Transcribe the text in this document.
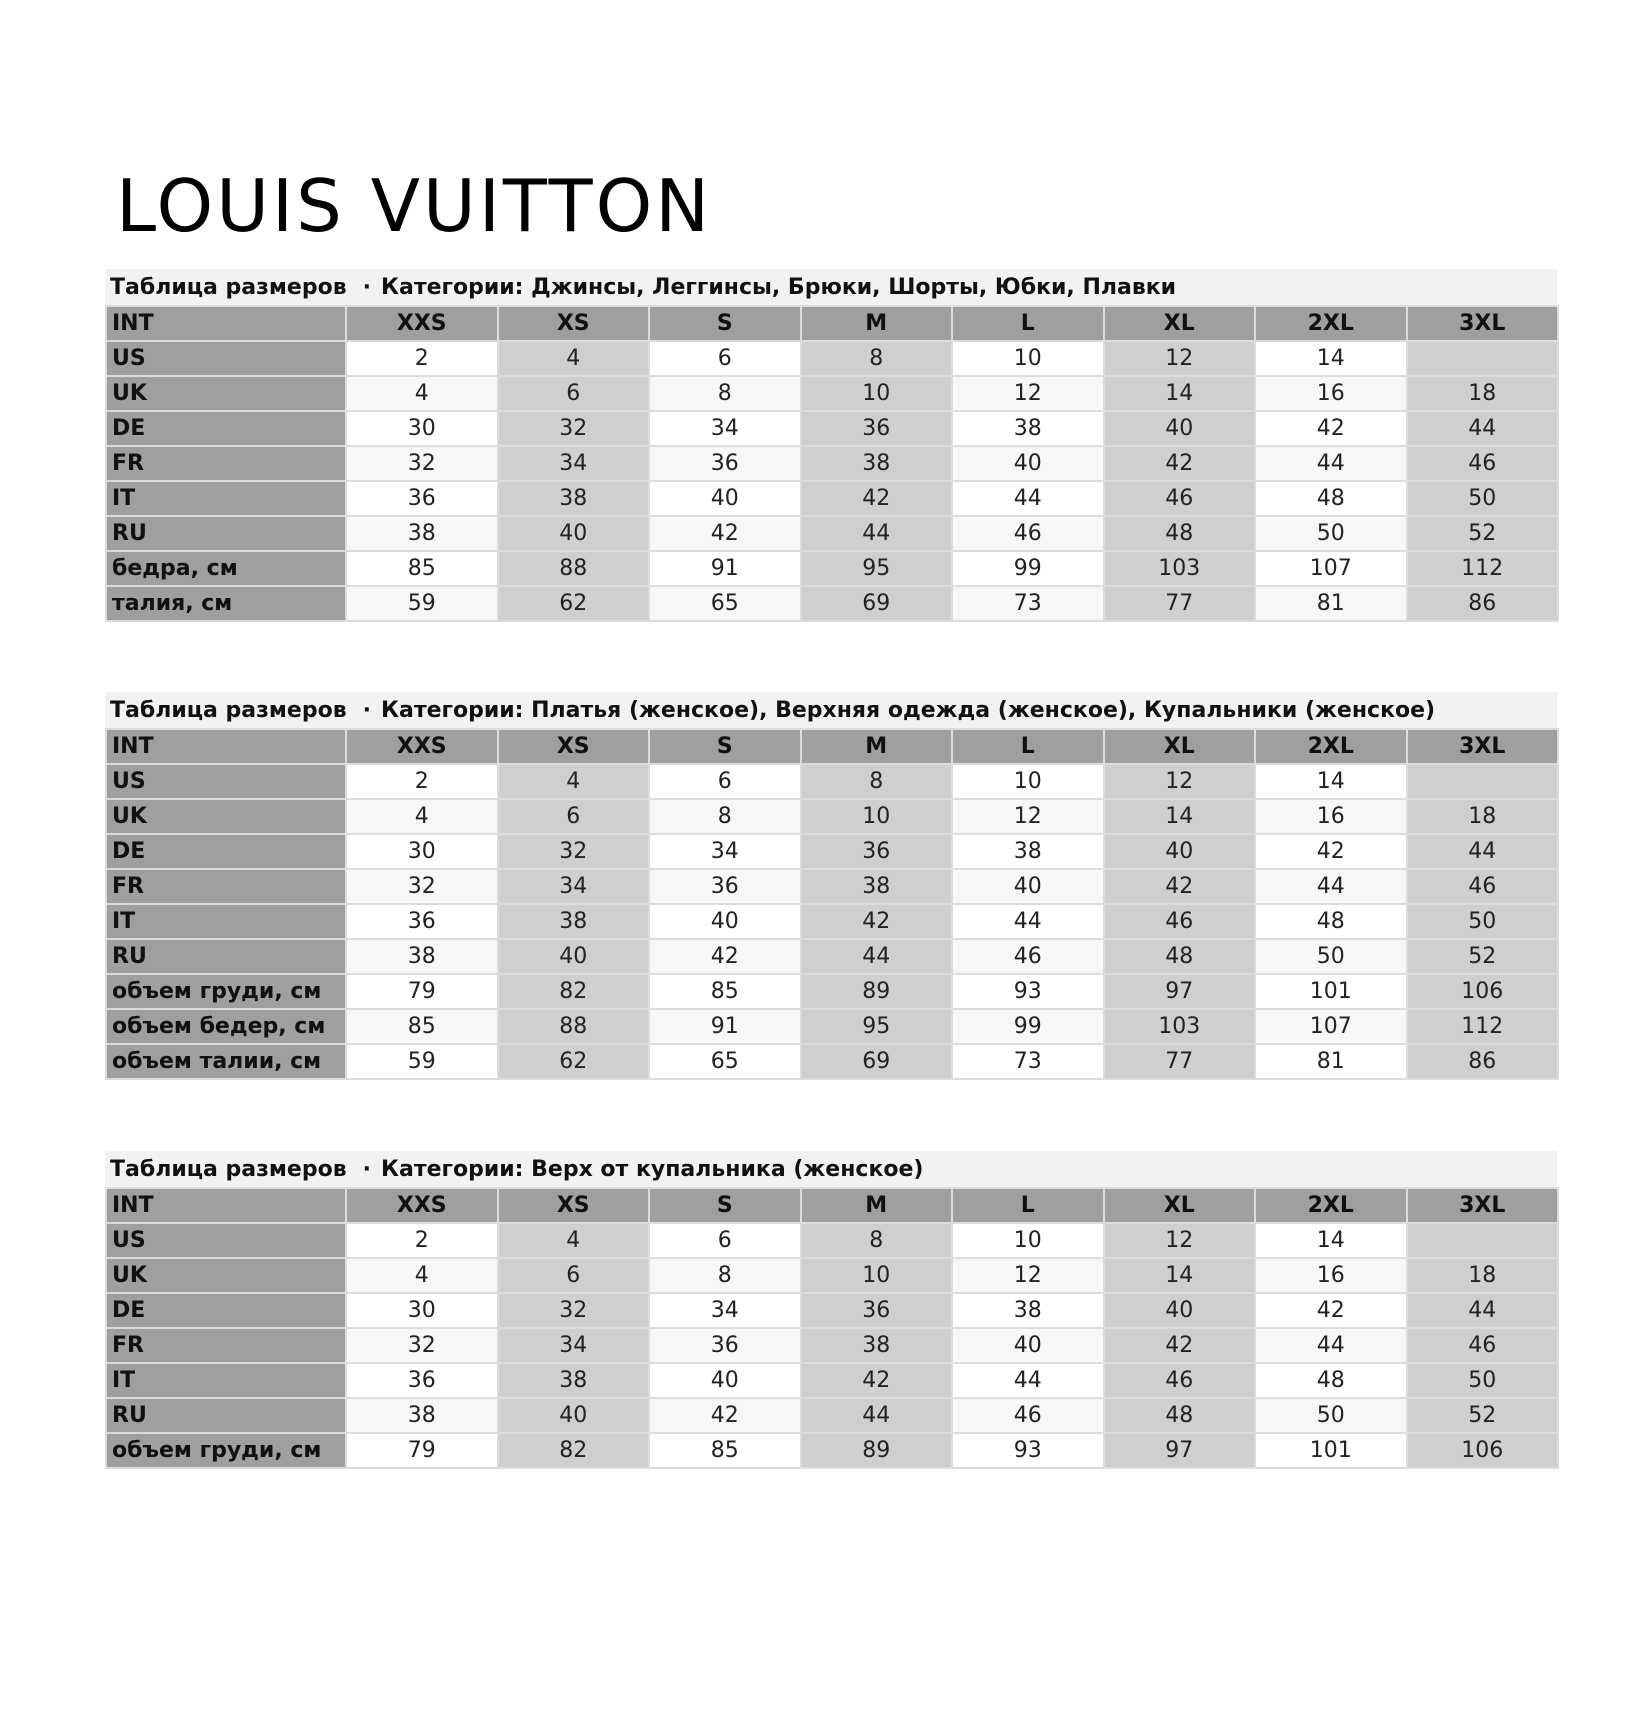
LOUIS VUITTON
Таблица размеров · Категории: Джинсы, Леггинсы, Брюки, Шорты, Юбки, Плавки
INT	XXS	XS	S	M	L	XL	2XL	3XL
US	2	4	6	8	10	12	14	
UK	4	6	8	10	12	14	16	18
DE	30	32	34	36	38	40	42	44
FR	32	34	36	38	40	42	44	46
IT	36	38	40	42	44	46	48	50
RU	38	40	42	44	46	48	50	52
бедра, см	85	88	91	95	99	103	107	112
талия, см	59	62	65	69	73	77	81	86
Таблица размеров · Категории: Платья (женское), Верхняя одежда (женское), Купальники (женское)
INT	XXS	XS	S	M	L	XL	2XL	3XL
US	2	4	6	8	10	12	14	
UK	4	6	8	10	12	14	16	18
DE	30	32	34	36	38	40	42	44
FR	32	34	36	38	40	42	44	46
IT	36	38	40	42	44	46	48	50
RU	38	40	42	44	46	48	50	52
объем груди, см	79	82	85	89	93	97	101	106
объем бедер, см	85	88	91	95	99	103	107	112
объем талии, см	59	62	65	69	73	77	81	86
Таблица размеров · Категории: Верх от купальника (женское)
INT	XXS	XS	S	M	L	XL	2XL	3XL
US	2	4	6	8	10	12	14	
UK	4	6	8	10	12	14	16	18
DE	30	32	34	36	38	40	42	44
FR	32	34	36	38	40	42	44	46
IT	36	38	40	42	44	46	48	50
RU	38	40	42	44	46	48	50	52
объем груди, см	79	82	85	89	93	97	101	106
